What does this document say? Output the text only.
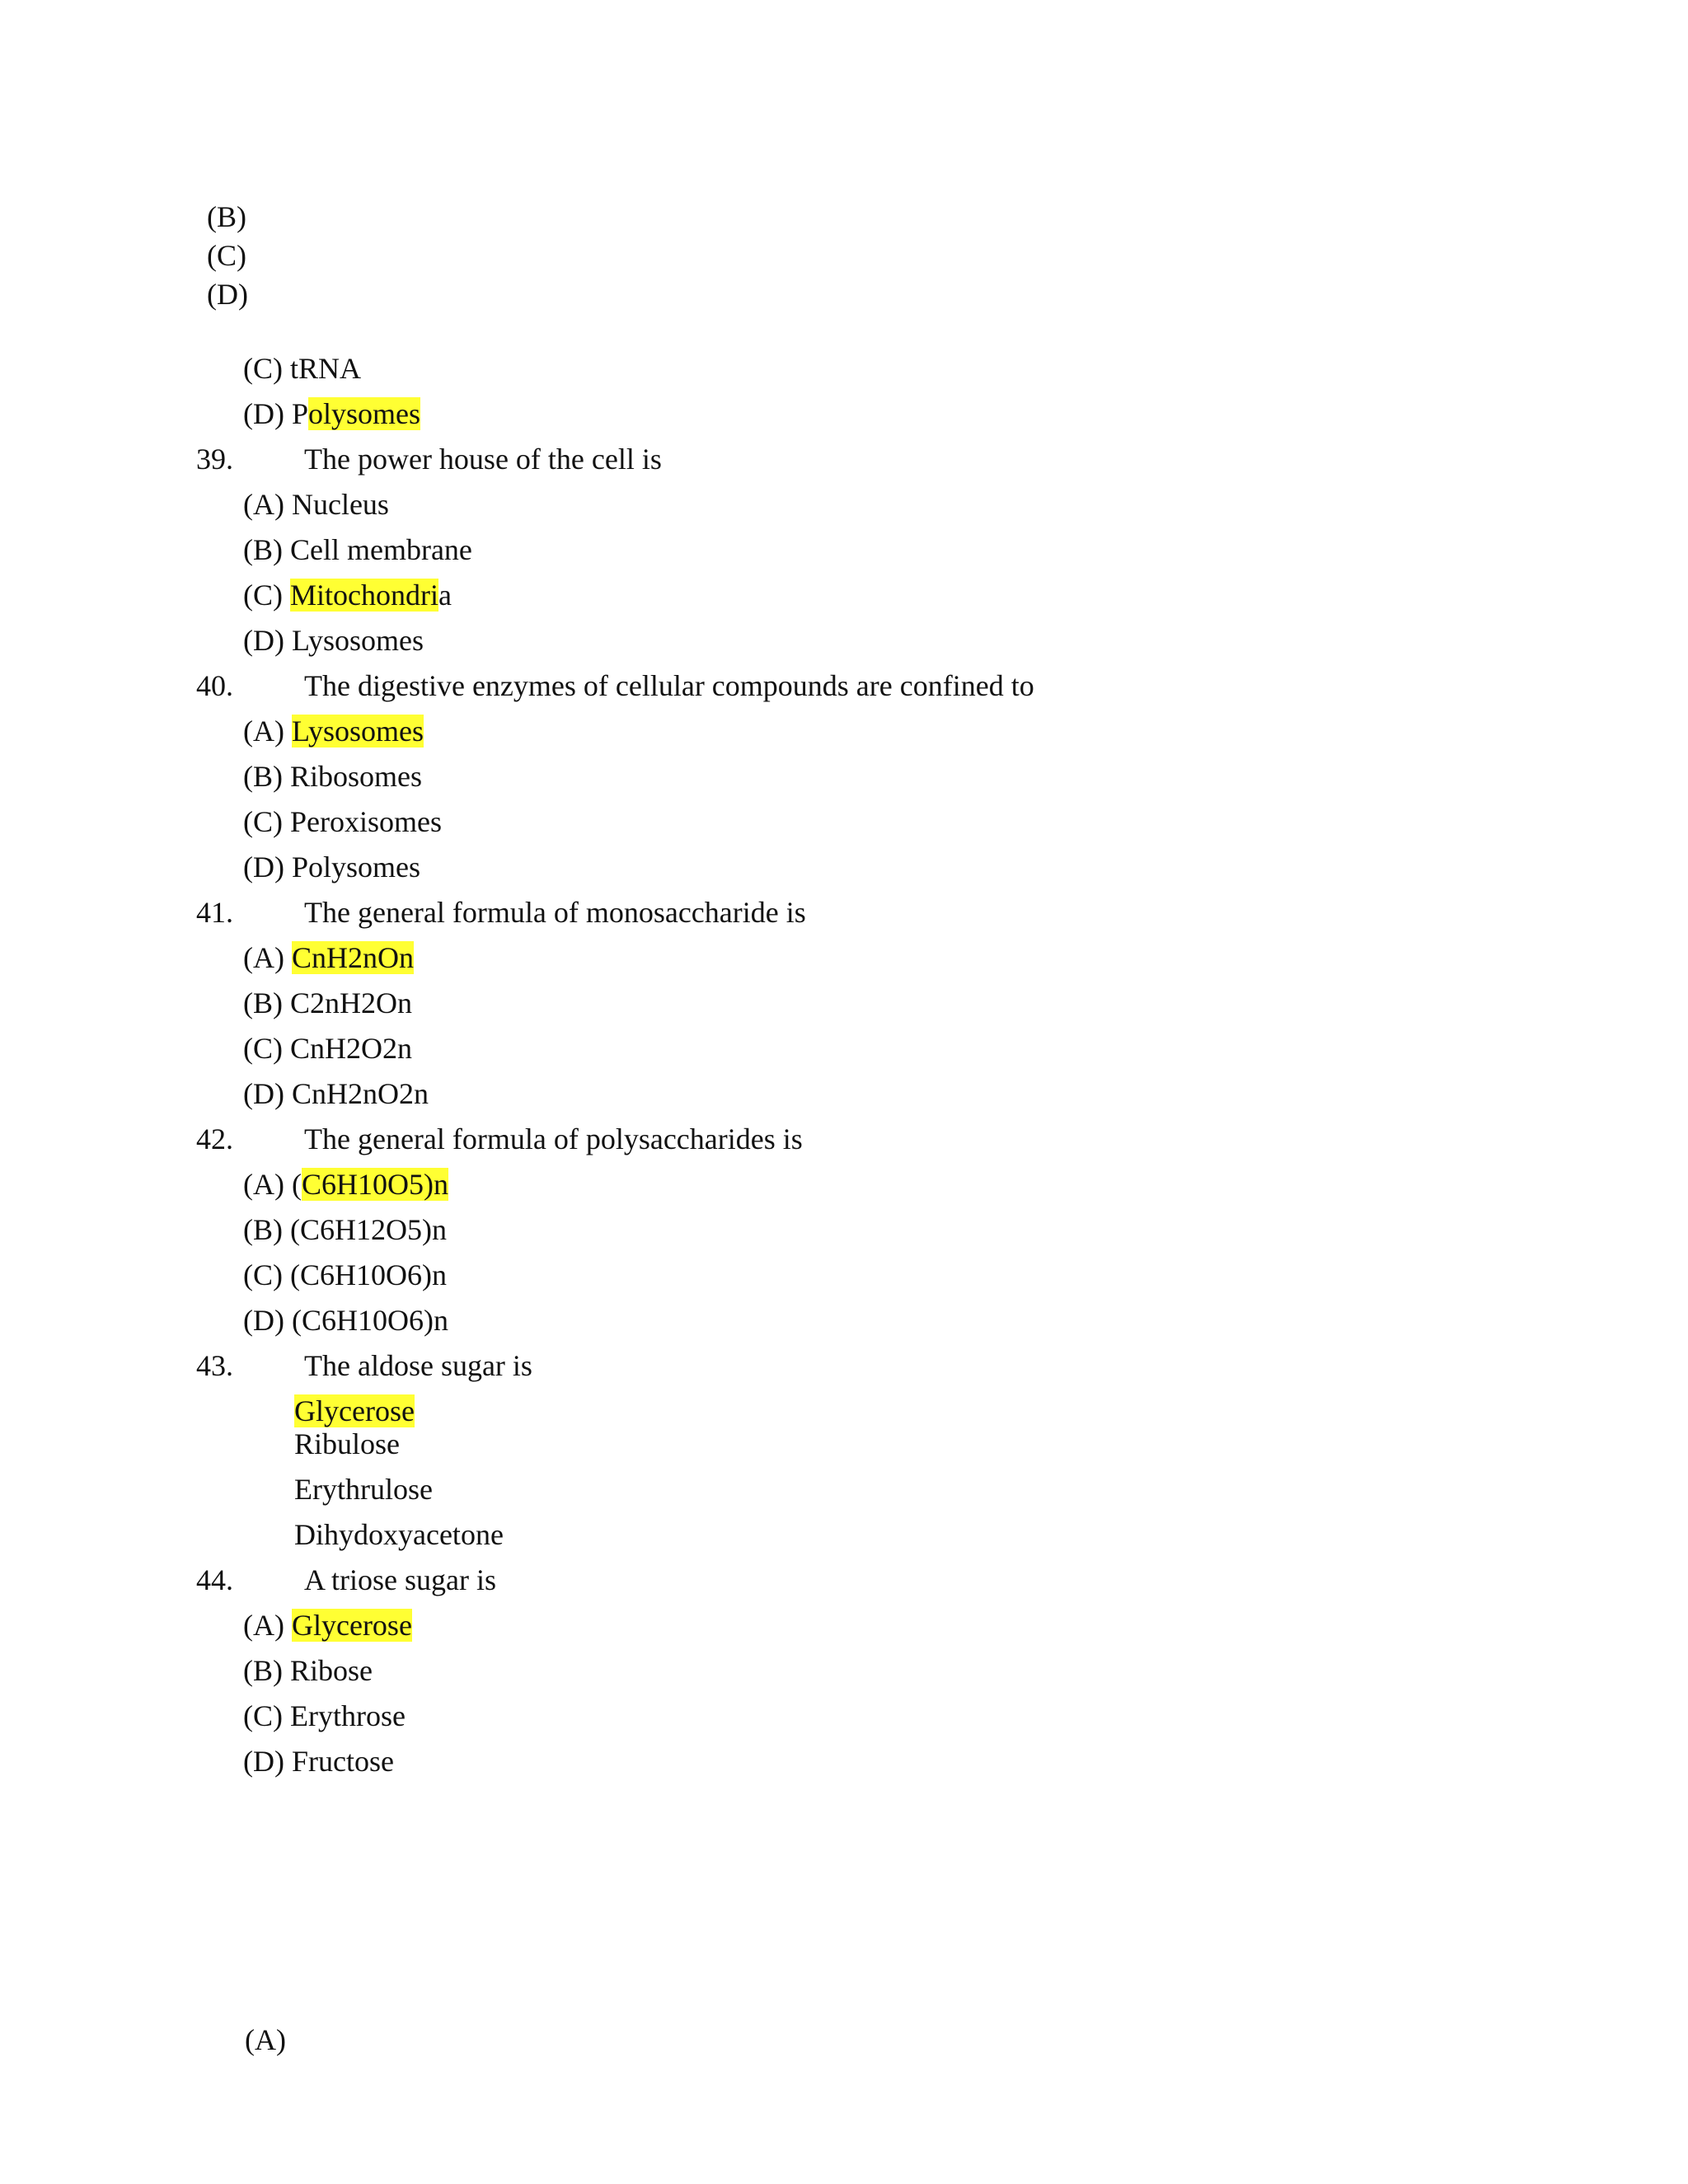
(B)
(C)
(D)
(C) tRNA
(D) Polysomes
39. The power house of the cell is
(A) Nucleus
(B) Cell membrane
(C) Mitochondria
(D) Lysosomes
40. The digestive enzymes of cellular compounds are confined to
(A) Lysosomes
(B) Ribosomes
(C) Peroxisomes
(D) Polysomes
41. The general formula of monosaccharide is
(A) CnH2nOn
(B) C2nH2On
(C) CnH2O2n
(D) CnH2nO2n
42. The general formula of polysaccharides is
(A) (C6H10O5)n
(B) (C6H12O5)n
(C) (C6H10O6)n
(D) (C6H10O6)n
43. The aldose sugar is
Glycerose
Ribulose
Erythrulose
Dihydoxyacetone
44. A triose sugar is
(A) Glycerose
(B) Ribose
(C) Erythrose
(D) Fructose
(A)
